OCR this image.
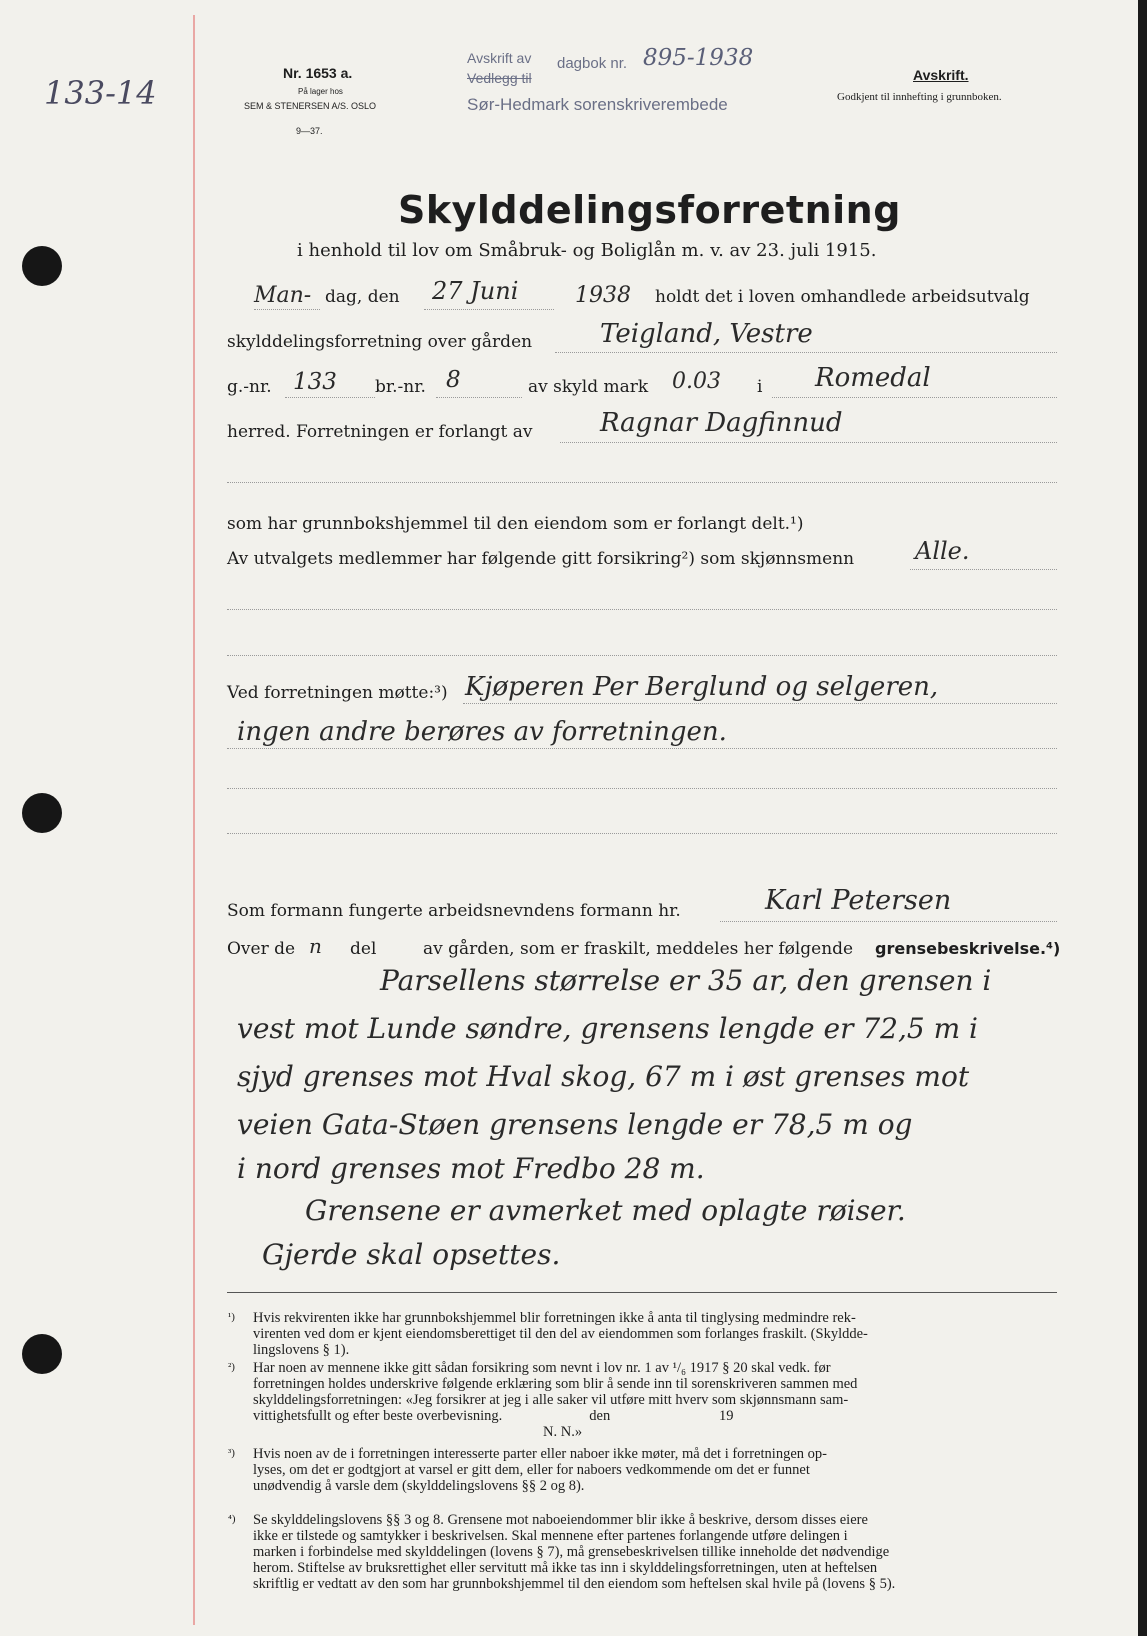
133-14
Nr. 1653 a.
På lager hos
SEM & STENERSEN A/S. OSLO
9—37.
Avskrift av
Vedlegg til
dagbok nr. 895-1938
Sør-Hedmark sorenskriverembede
Avskrift.
Godkjent til innhefting i grunnboken.
Skylddelingsforretning
i henhold til lov om Småbruk- og Boliglån m. v. av 23. juli 1915.
Man- dag, den 27 Juni	1938 holdt det i loven omhandlede arbeidsutvalg
skylddelingsforretning over gården	Teigland, Vestre
g.-nr. 133 br.-nr. 8	av skyld mark 0.03 i Romedal
herred. Forretningen er forlangt av	Ragnar Dagfinnud
som har grunnbokshjemmel til den eiendom som er forlangt delt.¹)
Av utvalgets medlemmer har følgende gitt forsikring²) som skjønnsmenn	Alle.
Ved forretningen møtte:³) Kjøperen Per Berglund og selgeren,
ingen andre berøres av forretningen.
Som formann fungerte arbeidsnevndens formann hr.	Karl Petersen
Over de n del	av gården, som er fraskilt, meddeles her følgende grensebeskrivelse.⁴)
Parsellens størrelse er 35 ar, den grensen i
vest mot Lunde søndre, grensens lengde er 72,5 m i
sjyd grenses mot Hval skog, 67 m i øst grenses mot
veien Gata-Støen grensens lengde er 78,5 m og
i nord grenses mot Fredbo 28 m.
Grensene er avmerket med oplagte røiser.
Gjerde skal opsettes.
¹) Hvis rekvirenten ikke har grunnbokshjemmel blir forretningen ikke å anta til tinglysing medmindre rek-
virenten ved dom er kjent eiendomsberettiget til den del av eiendommen som forlanges fraskilt. (Skyldde-
lingslovens § 1).
²) Har noen av mennene ikke gitt sådan forsikring som nevnt i lov nr. 1 av ¹/₆ 1917 § 20 skal vedk. før
forretningen holdes underskrive følgende erklæring som blir å sende inn til sorenskriveren sammen med
skylddelingsforretningen: «Jeg forsikrer at jeg i alle saker vil utføre mitt hverv som skjønnsmann sam-
vittighetsfullt og efter beste overbevisning.                        den                              19
N. N.»
³) Hvis noen av de i forretningen interesserte parter eller naboer ikke møter, må det i forretningen op-
lyses, om det er godtgjort at varsel er gitt dem, eller for naboers vedkommende om det er funnet
unødvendig å varsle dem (skylddelingslovens §§ 2 og 8).
⁴) Se skylddelingslovens §§ 3 og 8. Grensene mot naboeiendommer blir ikke å beskrive, dersom disses eiere
ikke er tilstede og samtykker i beskrivelsen. Skal mennene efter partenes forlangende utføre delingen i
marken i forbindelse med skylddelingen (lovens § 7), må grensebeskrivelsen tillike inneholde det nødvendige
herom. Stiftelse av bruksrettighet eller servitutt må ikke tas inn i skylddelingsforretningen, uten at heftelsen
skriftlig er vedtatt av den som har grunnbokshjemmel til den eiendom som heftelsen skal hvile på (lovens § 5).
